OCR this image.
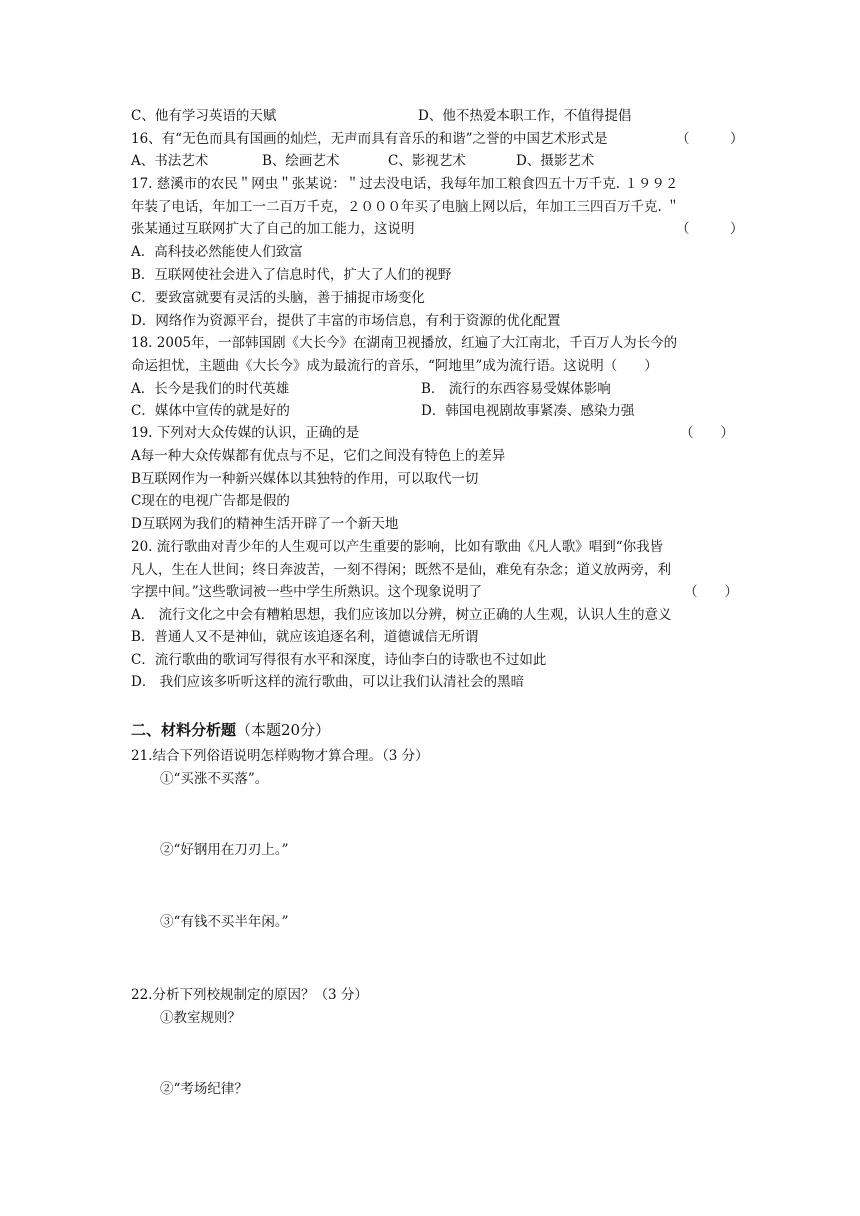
C、他有学习英语的天赋	D、他不热爱本职工作，不值得提倡
16、有“无色而具有国画的灿烂，无声而具有音乐的和谐”之誉的中国艺术形式是	（　　　）
A、书法艺术	B、绘画艺术	C、影视艺术	D、摄影艺术
17. 慈溪市的农民＂网虫＂张某说：＂过去没电话，我每年加工粮食四五十万千克. １９９２
年装了电话，年加工一二百万千克，２０００年买了电脑上网以后，年加工三四百万千克. ＂
张某通过互联网扩大了自己的加工能力，这说明	（　　　）
A．高科技必然能使人们致富
B．互联网使社会进入了信息时代，扩大了人们的视野
C．要致富就要有灵活的头脑，善于捕捉市场变化
D．网络作为资源平台，提供了丰富的市场信息，有利于资源的优化配置
18. 2005年，一部韩国剧《大长今》在湖南卫视播放，红遍了大江南北，千百万人为长今的
命运担忧，主题曲《大长今》成为最流行的音乐，“阿地里”成为流行语。这说明（　　）
A．长今是我们的时代英雄	B． 流行的东西容易受媒体影响
C．媒体中宣传的就是好的	D．韩国电视剧故事紧凑、感染力强
19. 下列对大众传媒的认识，正确的是	（　　）
A每一种大众传媒都有优点与不足，它们之间没有特色上的差异
B互联网作为一种新兴媒体以其独特的作用，可以取代一切
C现在的电视广告都是假的
D互联网为我们的精神生活开辟了一个新天地
20. 流行歌曲对青少年的人生观可以产生重要的影响，比如有歌曲《凡人歌》唱到“你我皆
凡人，生在人世间；终日奔波苦，一刻不得闲；既然不是仙，难免有杂念；道义放两旁，利
字摆中间。”这些歌词被一些中学生所熟识。这个现象说明了	（　　）
A． 流行文化之中会有糟粕思想，我们应该加以分辨，树立正确的人生观，认识人生的意义
B．普通人又不是神仙，就应该追逐名利，道德诚信无所谓
C．流行歌曲的歌词写得很有水平和深度，诗仙李白的诗歌也不过如此
D． 我们应该多听听这样的流行歌曲，可以让我们认清社会的黑暗
二、材料分析题（本题20分）
21.结合下列俗语说明怎样购物才算合理。（3 分）
①“买涨不买落”。
②“好钢用在刀刃上。”
③“有钱不买半年闲。”
22.分析下列校规制定的原因？（3 分）
①教室规则？
②“考场纪律？
